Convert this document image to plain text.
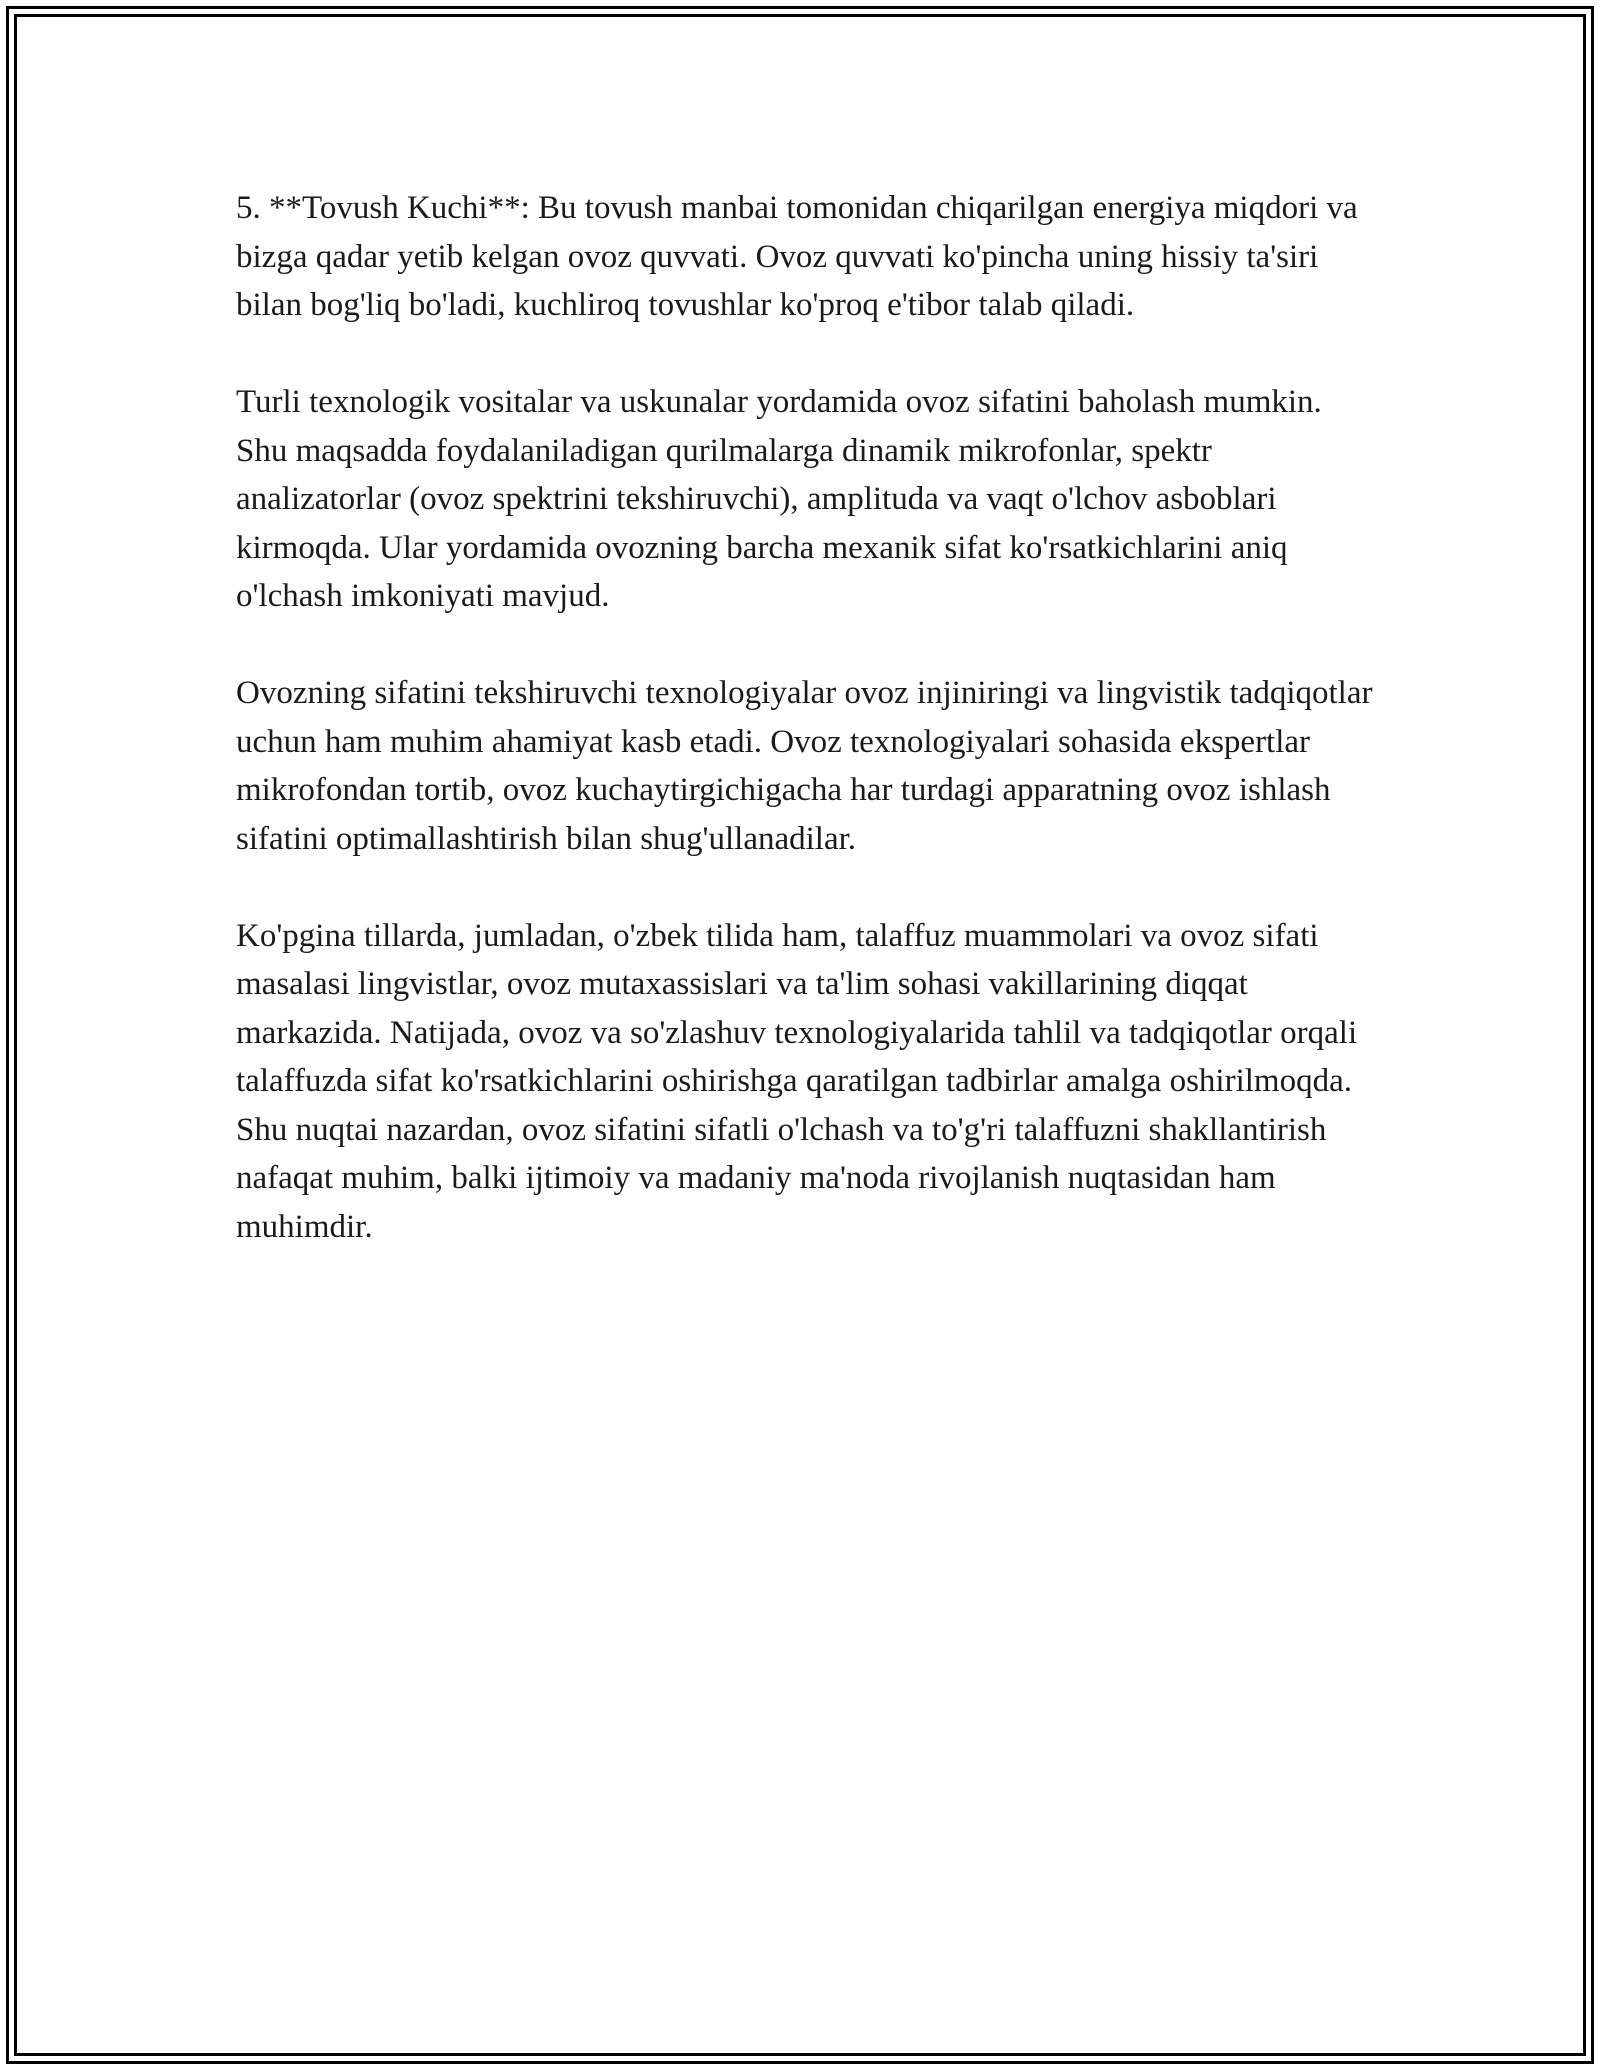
5. **Tovush Kuchi**: Bu tovush manbai tomonidan chiqarilgan energiya miqdori va bizga qadar yetib kelgan ovoz quvvati. Ovoz quvvati ko'pincha uning hissiy ta'siri bilan bog'liq bo'ladi, kuchliroq tovushlar ko'proq e'tibor talab qiladi.

Turli texnologik vositalar va uskunalar yordamida ovoz sifatini baholash mumkin. Shu maqsadda foydalaniladigan qurilmalarga dinamik mikrofonlar, spektr analizatorlar (ovoz spektrini tekshiruvchi), amplituda va vaqt o'lchov asboblari kirmoqda. Ular yordamida ovozning barcha mexanik sifat ko'rsatkichlarini aniq o'lchash imkoniyati mavjud.

Ovozning sifatini tekshiruvchi texnologiyalar ovoz injiniringi va lingvistik tadqiqotlar uchun ham muhim ahamiyat kasb etadi. Ovoz texnologiyalari sohasida ekspertlar mikrofondan tortib, ovoz kuchaytirgichigacha har turdagi apparatning ovoz ishlash sifatini optimallashtirish bilan shug'ullanadilar.

Ko'pgina tillarda, jumladan, o'zbek tilida ham, talaffuz muammolari va ovoz sifati masalasi lingvistlar, ovoz mutaxassislari va ta'lim sohasi vakillarining diqqat markazida. Natijada, ovoz va so'zlashuv texnologiyalarida tahlil va tadqiqotlar orqali talaffuzda sifat ko'rsatkichlarini oshirishga qaratilgan tadbirlar amalga oshirilmoqda. Shu nuqtai nazardan, ovoz sifatini sifatli o'lchash va to'g'ri talaffuzni shakllantirish nafaqat muhim, balki ijtimoiy va madaniy ma'noda rivojlanish nuqtasidan ham muhimdir.
